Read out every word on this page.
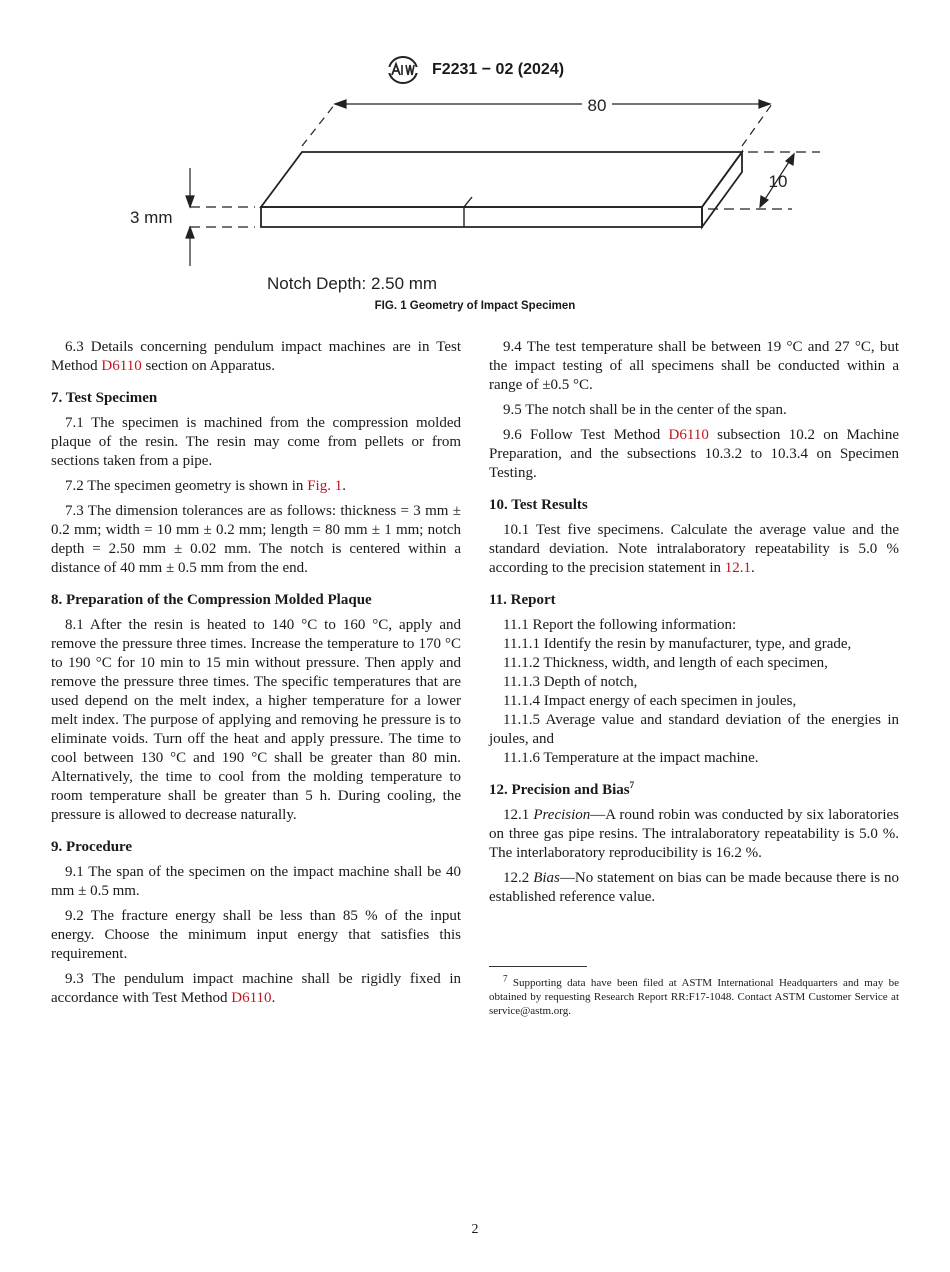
F2231 − 02 (2024)
80
10
3 mm
Notch Depth: 2.50 mm
FIG. 1 Geometry of Impact Specimen

6.3 Details concerning pendulum impact machines are in Test Method D6110 section on Apparatus.

7. Test Specimen

7.1 The specimen is machined from the compression molded plaque of the resin. The resin may come from pellets or from sections taken from a pipe.

7.2 The specimen geometry is shown in Fig. 1.

7.3 The dimension tolerances are as follows: thickness = 3 mm ± 0.2 mm; width = 10 mm ± 0.2 mm; length = 80 mm ± 1 mm; notch depth = 2.50 mm ± 0.02 mm. The notch is centered within a distance of 40 mm ± 0.5 mm from the end.

8. Preparation of the Compression Molded Plaque

8.1 After the resin is heated to 140 °C to 160 °C, apply and remove the pressure three times. Increase the temperature to 170 °C to 190 °C for 10 min to 15 min without pressure. Then apply and remove the pressure three times. The specific temperatures that are used depend on the melt index, a higher temperature for a lower melt index. The purpose of applying and removing he pressure is to eliminate voids. Turn off the heat and apply pressure. The time to cool between 130 °C and 190 °C shall be greater than 80 min. Alternatively, the time to cool from the molding temperature to room temperature shall be greater than 5 h. During cooling, the pressure is allowed to decrease naturally.

9. Procedure

9.1 The span of the specimen on the impact machine shall be 40 mm ± 0.5 mm.

9.2 The fracture energy shall be less than 85 % of the input energy. Choose the minimum input energy that satisfies this requirement.

9.3 The pendulum impact machine shall be rigidly fixed in accordance with Test Method D6110.

9.4 The test temperature shall be between 19 °C and 27 °C, but the impact testing of all specimens shall be conducted within a range of ±0.5 °C.

9.5 The notch shall be in the center of the span.

9.6 Follow Test Method D6110 subsection 10.2 on Machine Preparation, and the subsections 10.3.2 to 10.3.4 on Specimen Testing.

10. Test Results

10.1 Test five specimens. Calculate the average value and the standard deviation. Note intralaboratory repeatability is 5.0 % according to the precision statement in 12.1.

11. Report

11.1 Report the following information:

11.1.1 Identify the resin by manufacturer, type, and grade,

11.1.2 Thickness, width, and length of each specimen,

11.1.3 Depth of notch,

11.1.4 Impact energy of each specimen in joules,

11.1.5 Average value and standard deviation of the energies in joules, and

11.1.6 Temperature at the impact machine.

12. Precision and Bias$^7$

12.1 Precision—A round robin was conducted by six laboratories on three gas pipe resins. The intralaboratory repeatability is 5.0 %. The interlaboratory reproducibility is 16.2 %.

12.2 Bias—No statement on bias can be made because there is no established reference value.

$^7$ Supporting data have been filed at ASTM International Headquarters and may be obtained by requesting Research Report RR:F17-1048. Contact ASTM Customer Service at service@astm.org.
2
